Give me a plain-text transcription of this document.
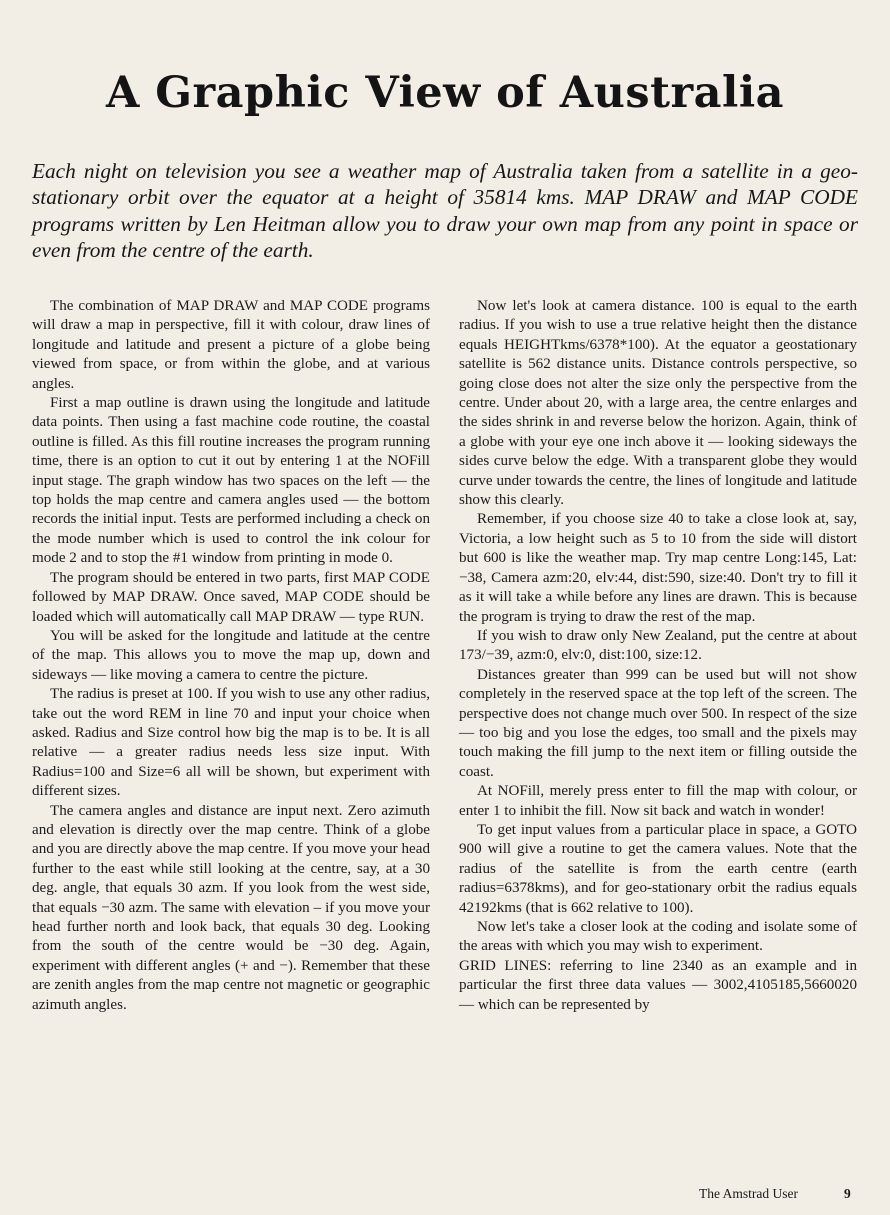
A Graphic View of Australia

Each night on television you see a weather map of Australia taken from a satellite in a geo-stationary orbit over the equator at a height of 35814 kms. MAP DRAW and MAP CODE programs written by Len Heitman allow you to draw your own map from any point in space or even from the centre of the earth.

The combination of MAP DRAW and MAP CODE programs will draw a map in perspective, fill it with colour, draw lines of longitude and latitude and present a picture of a globe being viewed from space, or from within the globe, and at various angles.

First a map outline is drawn using the longitude and latitude data points. Then using a fast machine code routine, the coastal outline is filled. As this fill routine increases the program running time, there is an option to cut it out by entering 1 at the NOFill input stage. The graph window has two spaces on the left — the top holds the map centre and camera angles used — the bottom records the initial input. Tests are performed including a check on the mode number which is used to control the ink colour for mode 2 and to stop the #1 window from printing in mode 0.

The program should be entered in two parts, first MAP CODE followed by MAP DRAW. Once saved, MAP CODE should be loaded which will automatically call MAP DRAW — type RUN.

You will be asked for the longitude and latitude at the centre of the map. This allows you to move the map up, down and sideways — like moving a camera to centre the picture.

The radius is preset at 100. If you wish to use any other radius, take out the word REM in line 70 and input your choice when asked. Radius and Size control how big the map is to be. It is all relative — a greater radius needs less size input. With Radius=100 and Size=6 all will be shown, but experiment with different sizes.

The camera angles and distance are input next. Zero azimuth and elevation is directly over the map centre. Think of a globe and you are directly above the map centre. If you move your head further to the east while still looking at the centre, say, at a 30 deg. angle, that equals 30 azm. If you look from the west side, that equals −30 azm. The same with elevation – if you move your head further north and look back, that equals 30 deg. Looking from the south of the centre would be −30 deg. Again, experiment with different angles (+ and −). Remember that these are zenith angles from the map centre not magnetic or geographic azimuth angles.

Now let's look at camera distance. 100 is equal to the earth radius. If you wish to use a true relative height then the distance equals HEIGHTkms/6378*100). At the equator a geostationary satellite is 562 distance units. Distance controls perspective, so going close does not alter the size only the perspective from the centre. Under about 20, with a large area, the centre enlarges and the sides shrink in and reverse below the horizon. Again, think of a globe with your eye one inch above it — looking sideways the sides curve below the edge. With a transparent globe they would curve under towards the centre, the lines of longitude and latitude show this clearly.

Remember, if you choose size 40 to take a close look at, say, Victoria, a low height such as 5 to 10 from the side will distort but 600 is like the weather map. Try map centre Long:145, Lat:−38, Camera azm:20, elv:44, dist:590, size:40. Don't try to fill it as it will take a while before any lines are drawn. This is because the program is trying to draw the rest of the map.

If you wish to draw only New Zealand, put the centre at about 173/−39, azm:0, elv:0, dist:100, size:12.

Distances greater than 999 can be used but will not show completely in the reserved space at the top left of the screen. The perspective does not change much over 500. In respect of the size — too big and you lose the edges, too small and the pixels may touch making the fill jump to the next item or filling outside the coast.

At NOFill, merely press enter to fill the map with colour, or enter 1 to inhibit the fill. Now sit back and watch in wonder!

To get input values from a particular place in space, a GOTO 900 will give a routine to get the camera values. Note that the radius of the satellite is from the earth centre (earth radius=6378kms), and for geo-stationary orbit the radius equals 42192kms (that is 662 relative to 100).

Now let's take a closer look at the coding and isolate some of the areas with which you may wish to experiment.

GRID LINES: referring to line 2340 as an example and in particular the first three data values — 3002,4105185,5660020 — which can be represented by

The Amstrad User	9
